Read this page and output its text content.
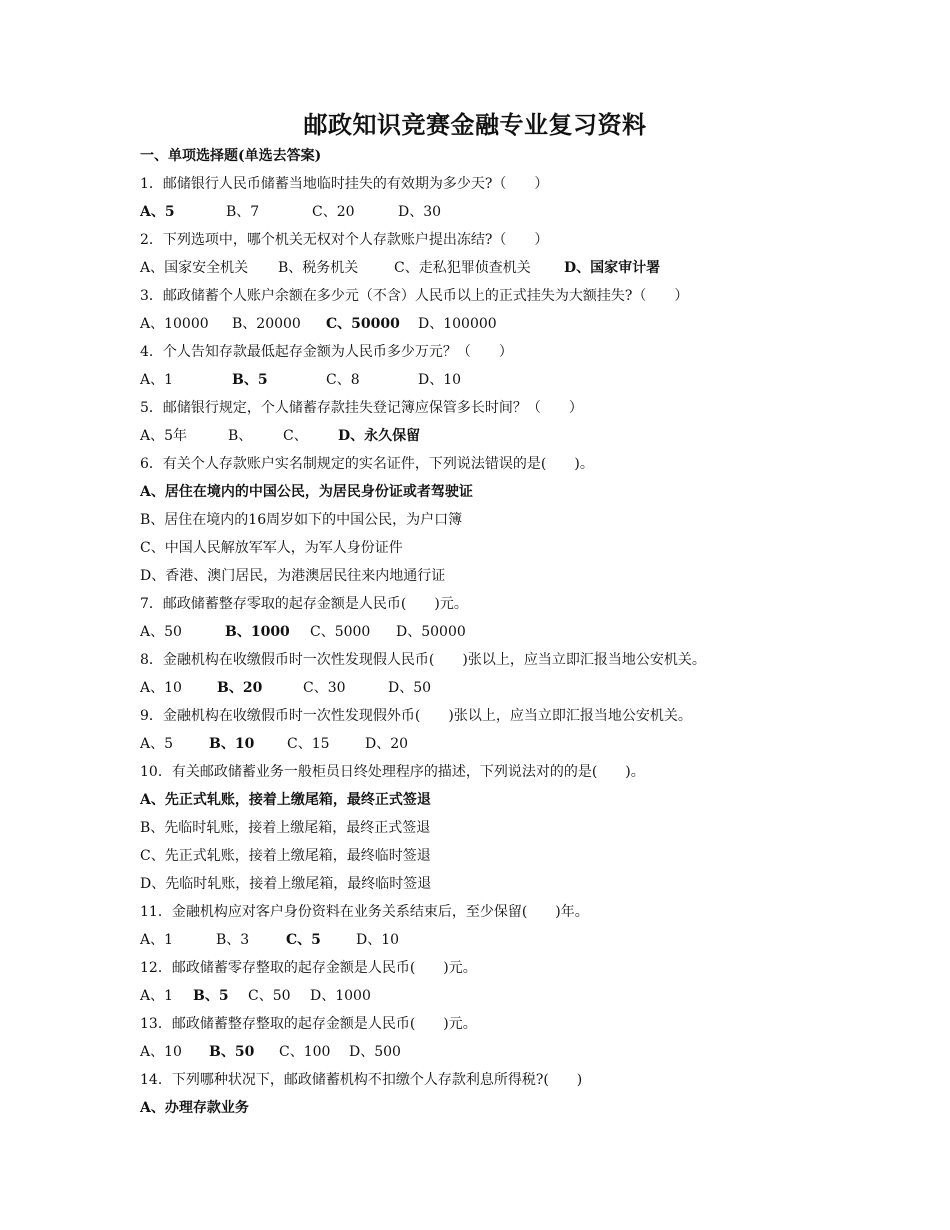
邮政知识竞赛金融专业复习资料
一、单项选择题(单选去答案)
1．邮储银行人民币储蓄当地临时挂失的有效期为多少天?（　　）
A、5	B、7	C、20	D、30
2．下列选项中，哪个机关无权对个人存款账户提出冻结?（　　）
A、国家安全机关 B、税务机关	C、走私犯罪侦查机关 D、国家审计署
3．邮政储蓄个人账户余额在多少元（不含）人民币以上的正式挂失为大额挂失?（　　）
A、10000 B、20000 C、50000 D、100000
4．个人告知存款最低起存金额为人民币多少万元？（　　）
A、1	B、5	C、8	D、10
5．邮储银行规定，个人储蓄存款挂失登记簿应保管多长时间？（　　）
A、5年	B、 C、 D、永久保留
6．有关个人存款账户实名制规定的实名证件，下列说法错误的是(　　)。
A、居住在境内的中国公民，为居民身份证或者驾驶证
B、居住在境内的16周岁如下的中国公民，为户口簿
C、中国人民解放军军人，为军人身份证件
D、香港、澳门居民，为港澳居民往来内地通行证
7．邮政储蓄整存零取的起存金额是人民币(　　)元。
A、50	B、1000 C、5000 D、50000
8．金融机构在收缴假币时一次性发现假人民币(　　)张以上，应当立即汇报当地公安机关。
A、10	B、20	C、30	D、50
9．金融机构在收缴假币时一次性发现假外币(　　)张以上，应当立即汇报当地公安机关。
A、5	B、10 C、15	D、20
10．有关邮政储蓄业务一般柜员日终处理程序的描述，下列说法对的的是(　　)。
A、先正式轧账，接着上缴尾箱，最终正式签退
B、先临时轧账，接着上缴尾箱，最终正式签退
C、先正式轧账，接着上缴尾箱，最终临时签退
D、先临时轧账，接着上缴尾箱，最终临时签退
11．金融机构应对客户身份资料在业务关系结束后，至少保留(　　)年。
A、1	B、3	C、5	D、10
12．邮政储蓄零存整取的起存金额是人民币(　　)元。
A、1 B、5 C、50 D、1000
13．邮政储蓄整存整取的起存金额是人民币(　　)元。
A、10 B、50 C、100 D、500
14．下列哪种状况下，邮政储蓄机构不扣缴个人存款利息所得税?(　　)
A、办理存款业务
